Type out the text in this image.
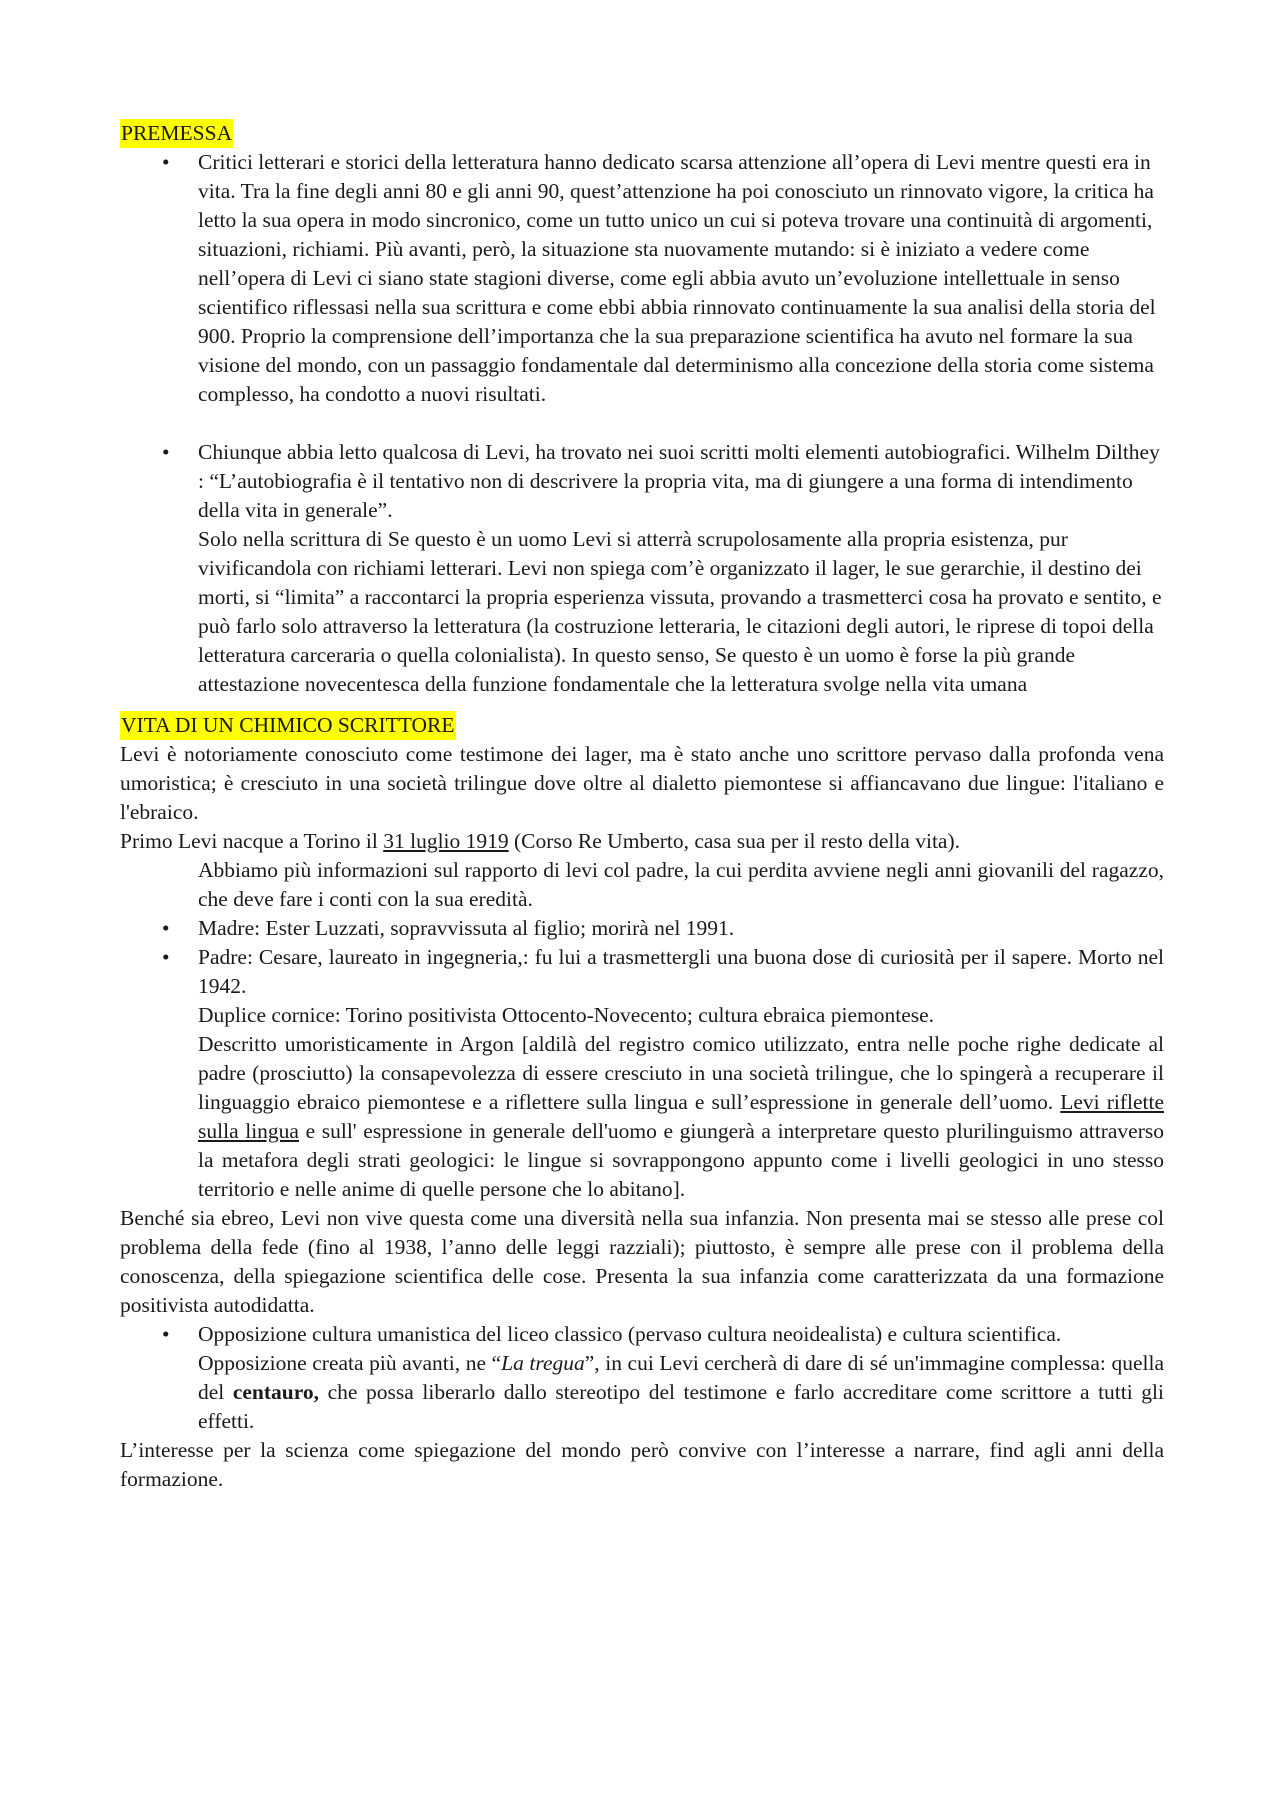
PREMESSA
•	Critici letterari e storici della letteratura hanno dedicato scarsa attenzione all’opera di Levi mentre questi era in vita. Tra la fine degli anni 80 e gli anni 90, quest’attenzione ha poi conosciuto un rinnovato vigore, la critica ha letto la sua opera in modo sincronico, come un tutto unico un cui si poteva trovare una continuità di argomenti, situazioni, richiami. Più avanti, però, la situazione sta nuovamente mutando: si è iniziato a vedere come nell’opera di Levi ci siano state stagioni diverse, come egli abbia avuto un’evoluzione intellettuale in senso scientifico riflessasi nella sua scrittura e come ebbi abbia rinnovato continuamente la sua analisi della storia del 900. Proprio la comprensione dell’importanza che la sua preparazione scientifica ha avuto nel formare la sua visione del mondo, con un passaggio fondamentale dal determinismo alla concezione della storia come sistema complesso, ha condotto a nuovi risultati.
•	Chiunque abbia letto qualcosa di Levi, ha trovato nei suoi scritti molti elementi autobiografici. Wilhelm Dilthey : “L’autobiografia è il tentativo non di descrivere la propria vita, ma di giungere a una forma di intendimento della vita in generale”.
Solo nella scrittura di Se questo è un uomo Levi si atterrà scrupolosamente alla propria esistenza, pur vivificandola con richiami letterari. Levi non spiega com’è organizzato il lager, le sue gerarchie, il destino dei morti, si “limita” a raccontarci la propria esperienza vissuta, provando a trasmetterci cosa ha provato e sentito, e può farlo solo attraverso la letteratura (la costruzione letteraria, le citazioni degli autori, le riprese di topoi della letteratura carceraria o quella colonialista). In questo senso, Se questo è un uomo è forse la più grande attestazione novecentesca della funzione fondamentale che la letteratura svolge nella vita umana
VITA DI UN CHIMICO SCRITTORE

Levi è notoriamente conosciuto come testimone dei lager, ma è stato anche uno scrittore pervaso dalla profonda vena umoristica; è cresciuto in una società trilingue dove oltre al dialetto piemontese si affiancavano due lingue: l'italiano e l'ebraico.

Primo Levi nacque a Torino il 31 luglio 1919 (Corso Re Umberto, casa sua per il resto della vita).

Abbiamo più informazioni sul rapporto di levi col padre, la cui perdita avviene negli anni giovanili del ragazzo, che deve fare i conti con la sua eredità.

•	Madre: Ester Luzzati, sopravvissuta al figlio; morirà nel 1991.
•	Padre: Cesare, laureato in ingegneria,: fu lui a trasmettergli una buona dose di curiosità per il sapere. Morto nel 1942.

Duplice cornice: Torino positivista Ottocento-Novecento; cultura ebraica piemontese.

Descritto umoristicamente in Argon [aldilà del registro comico utilizzato, entra nelle poche righe dedicate al padre (prosciutto) la consapevolezza di essere cresciuto in una società trilingue, che lo spingerà a recuperare il linguaggio ebraico piemontese e a riflettere sulla lingua e sull’espressione in generale dell’uomo. Levi riflette sulla lingua e sull' espressione in generale dell'uomo e giungerà a interpretare questo plurilinguismo attraverso la metafora degli strati geologici: le lingue si sovrappongono appunto come i livelli geologici in uno stesso territorio e nelle anime di quelle persone che lo abitano].

Benché sia ebreo, Levi non vive questa come una diversità nella sua infanzia. Non presenta mai se stesso alle prese col problema della fede (fino al 1938, l’anno delle leggi razziali); piuttosto, è sempre alle prese con il problema della conoscenza, della spiegazione scientifica delle cose. Presenta la sua infanzia come caratterizzata da una formazione positivista autodidatta.

•	Opposizione cultura umanistica del liceo classico (pervaso cultura neoidealista) e cultura scientifica.

Opposizione creata più avanti, ne “La tregua”, in cui Levi cercherà di dare di sé un'immagine complessa: quella del centauro, che possa liberarlo dallo stereotipo del testimone e farlo accreditare come scrittore a tutti gli effetti.

L’interesse per la scienza come spiegazione del mondo però convive con l’interesse a narrare, find agli anni della formazione.
